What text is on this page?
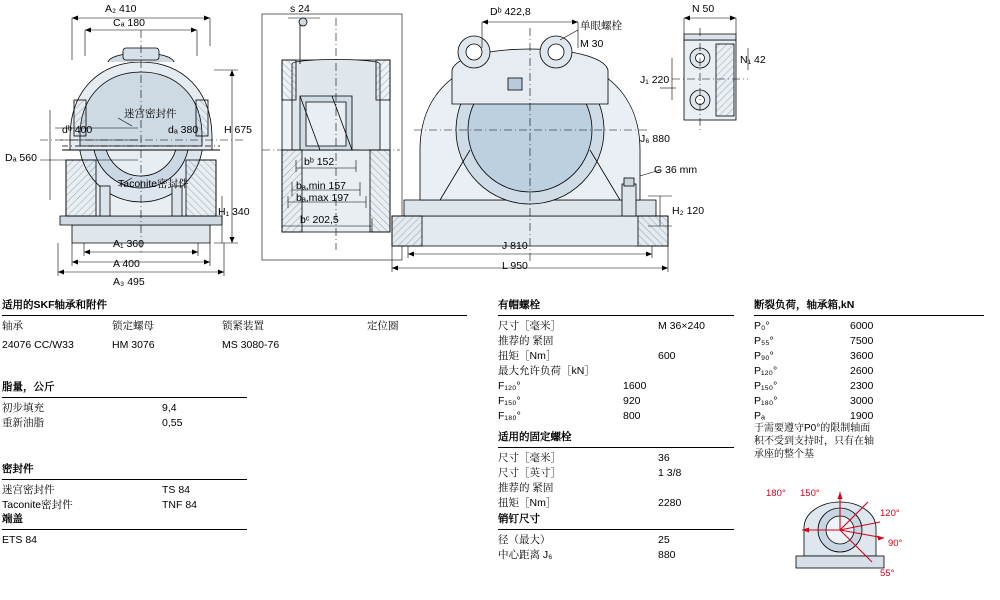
A₂ 410
Cₐ 180
dᵇ 400	dₐ 380 H 675
Dₐ 560
H₁ 340
A₁ 360
A 400
A₃ 495
迷宫密封件
Taconite密封件
s 24
bᵇ 152
bₐ,min 157
bₐ,max 197
bᶜ 202,5
Dᵇ 422,8
单眼螺栓
M 30
J 810
L 950
H₂ 120
G 36 mm
N 50
N₁ 42
J₁ 220
J₆ 880
适用的SKF轴承和附件
轴承	锁定螺母	锁紧装置	定位圈
24076 CC/W33	HM 3076	MS 3080-76
脂量，公斤
初步填充	9,4
重新油脂	0,55
密封件
迷宫密封件	TS 84
Taconite密封件	TNF 84
端盖
ETS 84
有帽螺栓
尺寸［毫米］	M 36×240
推荐的 紧固
扭矩［Nm］	600
最大允许负荷［kN］
F₁₂₀°	1600
F₁₅₀°	920
F₁₈₀°	800
适用的固定螺栓
尺寸［毫米］	36
尺寸［英寸］	1 3/8
推荐的 紧固
扭矩［Nm］	2280
销钉尺寸
径（最大）	25
中心距离 J₆	880
断裂负荷，轴承箱,kN
P₀°	6000
P₅₅°	7500
P₉₀°	3600
P₁₂₀°	2600
P₁₅₀°	2300
P₁₈₀°	3000
Pₐ	1900
于需要遵守P0°的限制轴面积不受到支持时，只有在轴承座的整个基
180° 150°
120°
90°
55°
